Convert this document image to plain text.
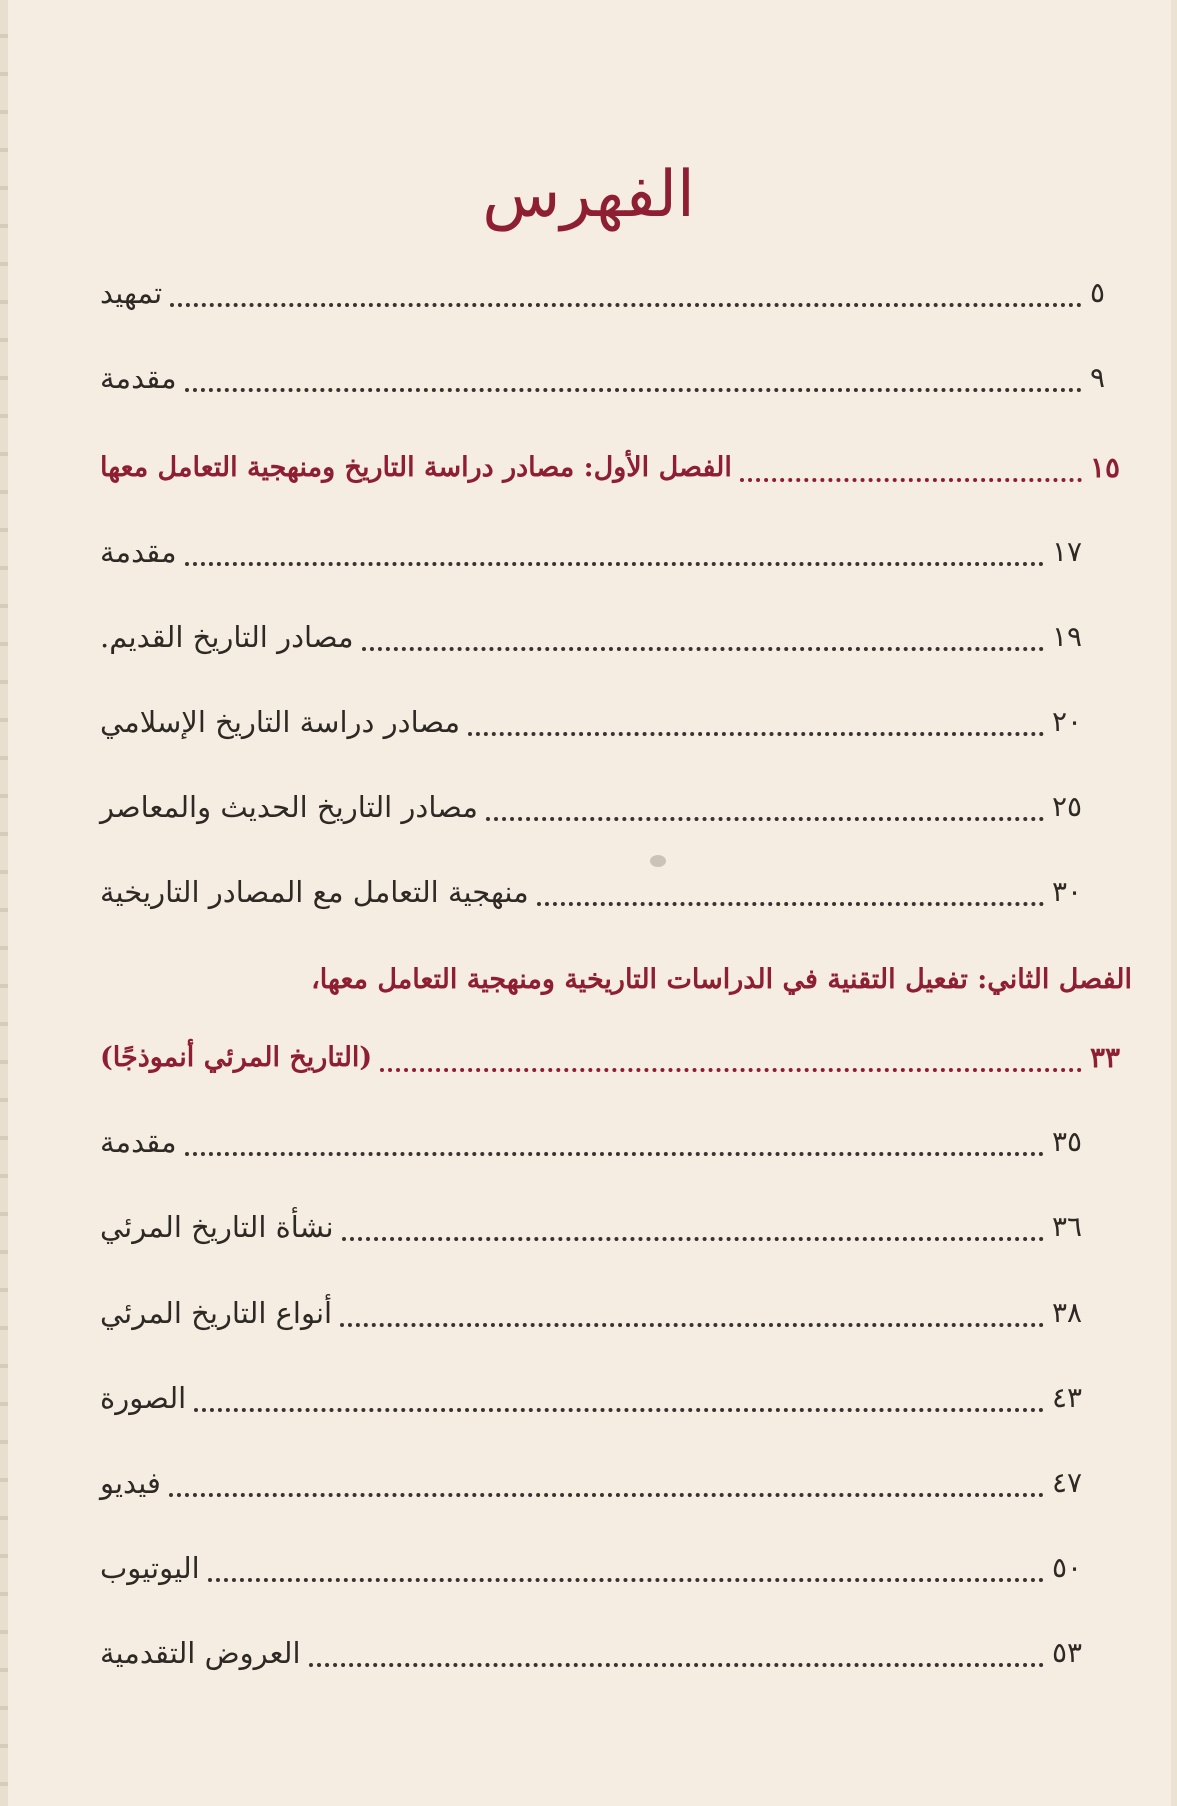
الفهرس
تمهيد	٥
مقدمة	٩
الفصل الأول: مصادر دراسة التاريخ ومنهجية التعامل معها	١٥
مقدمة	١٧
مصادر التاريخ القديم.	١٩
مصادر دراسة التاريخ الإسلامي	٢٠
مصادر التاريخ الحديث والمعاصر	٢٥
منهجية التعامل مع المصادر التاريخية	٣٠
الفصل الثاني: تفعيل التقنية في الدراسات التاريخية ومنهجية التعامل معها،
(التاريخ المرئي أنموذجًا)	٣٣
مقدمة	٣٥
نشأة التاريخ المرئي	٣٦
أنواع التاريخ المرئي	٣٨
الصورة	٤٣
فيديو	٤٧
اليوتيوب	٥٠
العروض التقدمية	٥٣
